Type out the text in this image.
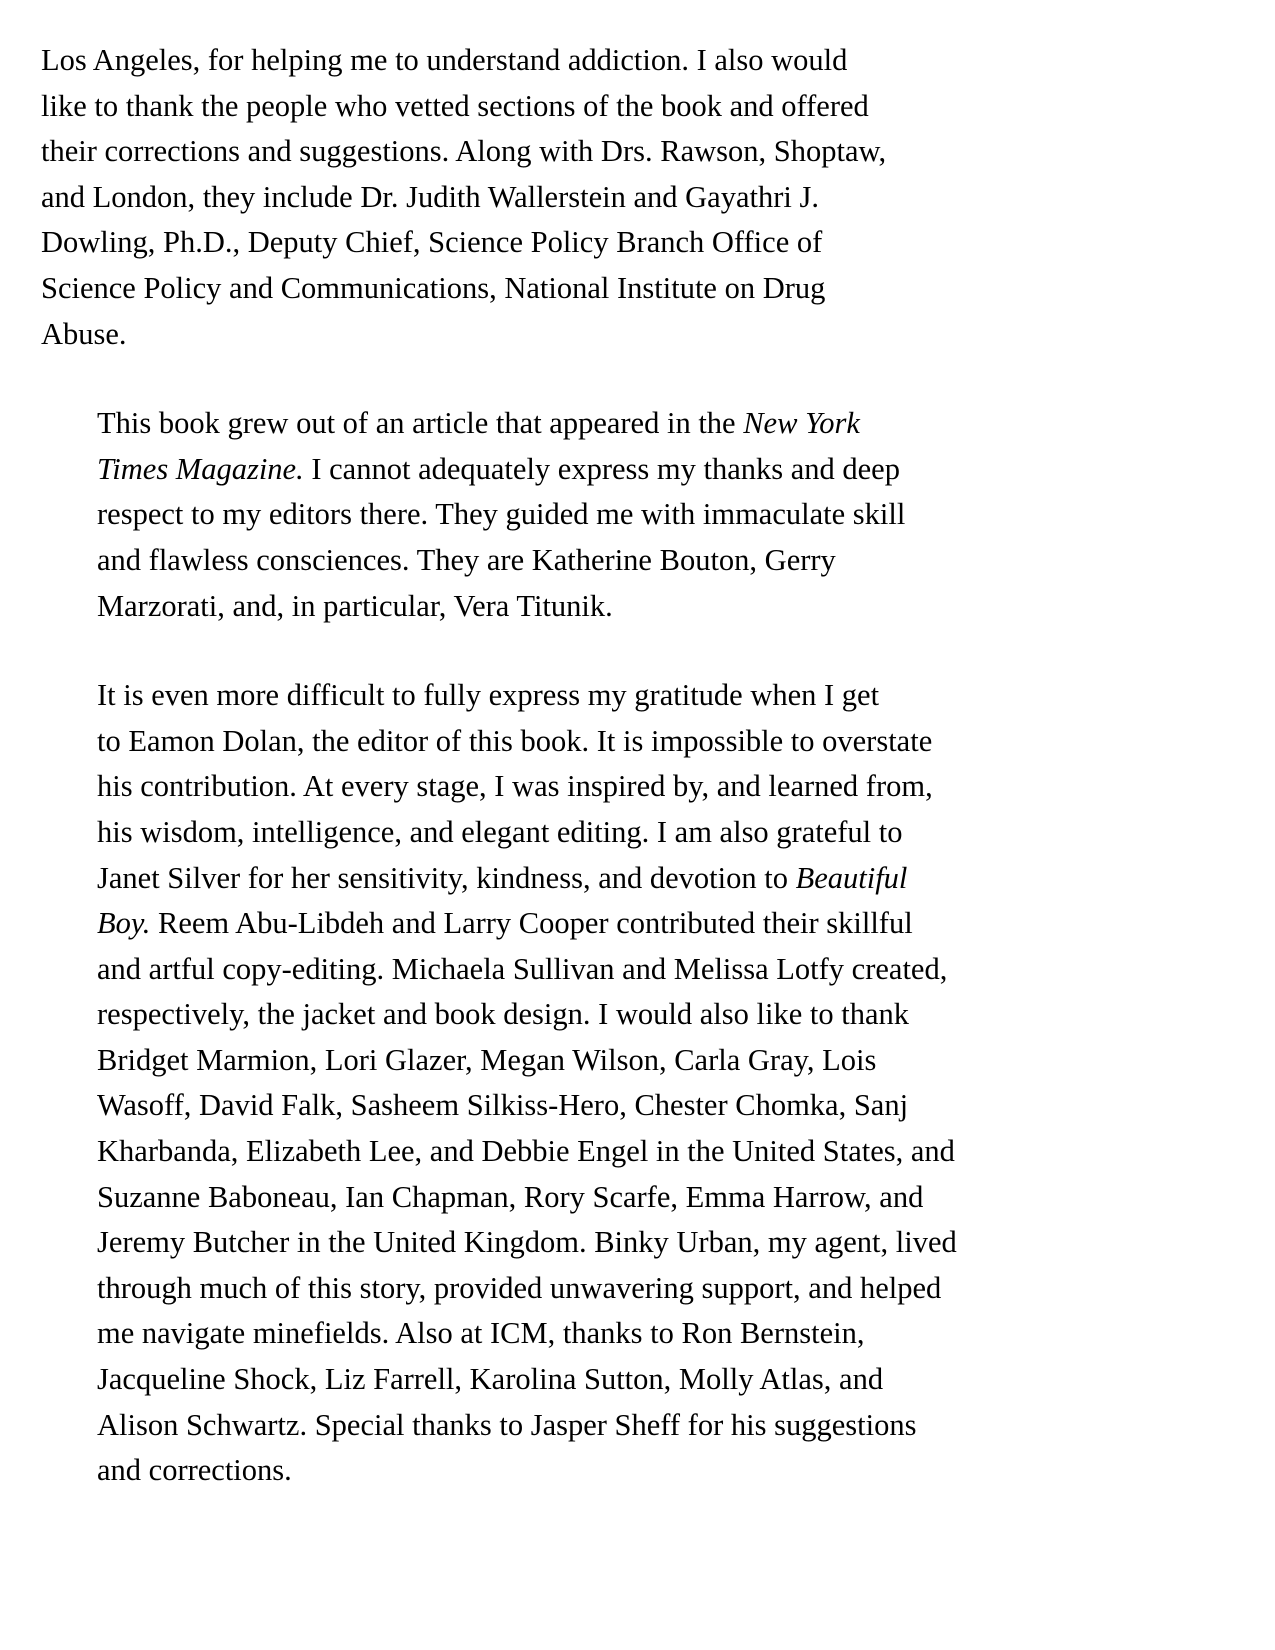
Los Angeles, for helping me to understand addiction. I also would
like to thank the people who vetted sections of the book and offered
their corrections and suggestions. Along with Drs. Rawson, Shoptaw,
and London, they include Dr. Judith Wallerstein and Gayathri J.
Dowling, Ph.D., Deputy Chief, Science Policy Branch Office of
Science Policy and Communications, National Institute on Drug
Abuse.

This book grew out of an article that appeared in the New York
Times Magazine. I cannot adequately express my thanks and deep
respect to my editors there. They guided me with immaculate skill
and flawless consciences. They are Katherine Bouton, Gerry
Marzorati, and, in particular, Vera Titunik.

It is even more difficult to fully express my gratitude when I get
to Eamon Dolan, the editor of this book. It is impossible to overstate
his contribution. At every stage, I was inspired by, and learned from,
his wisdom, intelligence, and elegant editing. I am also grateful to
Janet Silver for her sensitivity, kindness, and devotion to Beautiful
Boy. Reem Abu-Libdeh and Larry Cooper contributed their skillful
and artful copy-editing. Michaela Sullivan and Melissa Lotfy created,
respectively, the jacket and book design. I would also like to thank
Bridget Marmion, Lori Glazer, Megan Wilson, Carla Gray, Lois
Wasoff, David Falk, Sasheem Silkiss-Hero, Chester Chomka, Sanj
Kharbanda, Elizabeth Lee, and Debbie Engel in the United States, and
Suzanne Baboneau, Ian Chapman, Rory Scarfe, Emma Harrow, and
Jeremy Butcher in the United Kingdom. Binky Urban, my agent, lived
through much of this story, provided unwavering support, and helped
me navigate minefields. Also at ICM, thanks to Ron Bernstein,
Jacqueline Shock, Liz Farrell, Karolina Sutton, Molly Atlas, and
Alison Schwartz. Special thanks to Jasper Sheff for his suggestions
and corrections.
